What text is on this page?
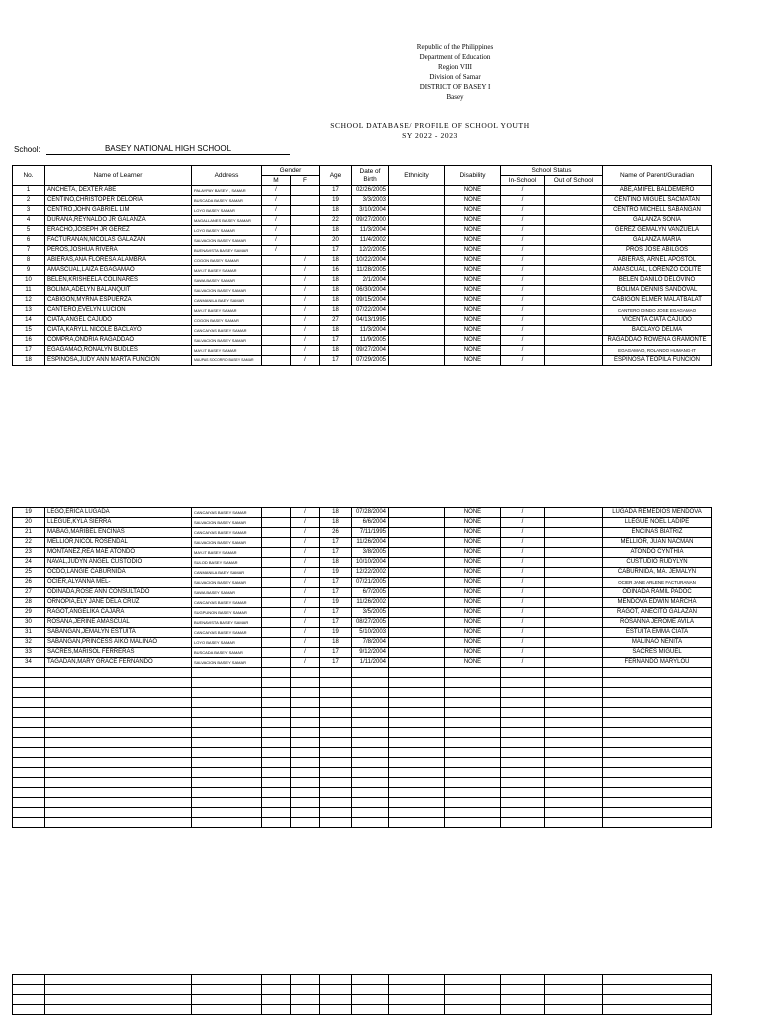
Republic of the Philippines
Department of Education
Region VIII
Division of Samar
DISTRICT OF BASEY I
Basey
SCHOOL DATABASE/ PROFILE OF SCHOOL YOUTH
SY 2022 - 2023
School:	BASEY NATIONAL HIGH SCHOOL
No.	Name of Learner	Address	Gender		Age	Date of Birth	Ethnicity	Disability	School Status		Name of Parent/Guradian
			M	F					In-School	Out of School	
1	ANCHETA, DEXTER ABE	PALAYPAY BASEY , SAMAR	/		17	02/26/2005		NONE	/		ABE,AMIFEL BALDEMERO
2	CENTINO,CHRISTOPER DELORIA	BUSCADA BASEY SAMAR	/		19	3/3/2003		NONE	/		CENTINO MIGUEL SACMATAN
3	CENTRO,JOHN GABRIEL LIM	LOYO BASEY SAMAR	/		18	3/10/2004		NONE	/		CENTRO MICHELL SABANGAN
4	DURANA,REYNALDO JR GALANZA	MAGALLANES BASEY SAMAR	/		22	09/27/2000		NONE	/		GALANZA SONIA
5	ERACHO,JOSEPH JR GEREZ	LOYO BASEY SAMAR	/		18	11/3/2004		NONE	/		GEREZ GEMALYN VANZUELA
6	FACTURANAN,NICOLAS GALAZAN	SALVACION BASEY SAMAR	/		20	11/4/2002		NONE	/		GALANZA MARIA
7	PEROS,JOSHUA RIVERA	BUENAVISTA BASEY SAMAR	/		17	12/2/2005		NONE	/		PROS JOSE ABILGOS
8	ABIERAS,ANA FLORESA ALAMBRA	COGON BASEY SAMAR		/	18	10/22/2004		NONE	/		ABIERAS, ARNEL APOSTOL
9	AMASCUAL,LAIZA EGAGAMAO	MAY-IT BASEY SAMAR		/	16	11/28/2005		NONE	/		AMASCUAL, LORENZO COLITE
10	BELEN,KRISHEELA COLINARES	SAWA BASEY SAMAR		/	18	2/1/2004		NONE	/		BELEN DANILO DELOVINO
11	BOLIMA,ADELYN BALANQUIT	SALVACION BASEY SAMAR		/	18	06/30/2004		NONE	/		BOLIMA DENNIS SANDOVAL
12	CABIGON,MYRNA ESPUERZA	CANMANILA BAEY SAMAR		/	18	09/15/2004		NONE	/		CABIGON ELMER MALATBALAT
13	CANTERO,EVELYN LUCION	MAY-IT BASEY SAMAR		/	18	07/22/2004		NONE	/		CANTERO DINDO JOSE EGAGAMAO
14	CIATA,ANGEL CAJUDO	COGON BASEY SAMAR		/	27	04/13/1995		NONE	/		VICENTA CIATA CAJUDO
15	CIATA,KARYLL NICOLE BACLAYO	CANCAIYAS BASEY SAMAR		/	18	11/3/2004		NONE	/		BACLAYO DELMA
16	COMPRA,ONDRIA RAGADDAO	SALVACION BASEY SAMAR		/	17	11/9/2005		NONE	/		RAGADDAO ROWENA GRAMONTE
17	EGAGAMAO,RONALYN BUDLES	MAY-IT BASEY SAMAR		/	18	09/27/2004		NONE	/		EGAGAMAO, ROLANDO HUMANG-IT
18	ESPINOSA,JUDY ANN MARTA FUNCION	MAUPAS SOCORRO BASEY SAMAR		/	17	07/29/2005		NONE	/		ESPINOSA TEOPILA FUNCION
19	LEGO,ERICA LUGADA	CANCAIYAS BASEY SAMAR		/	18	07/28/2004		NONE	/		LUGADA REMEDIOS MENDOVA
20	LLEGUE,KYLA SIERRA	SALVACION BASEY SAMAR		/	18	6/6/2004		NONE	/		LLEGUE NOEL LADIPE
21	MABAG,MARIBEL ENCINAS	CANCAIYAS BASEY SAMAR		/	26	7/11/1995		NONE	/		ENCINAS BIATRIZ
22	MELLIOR,NICOL ROSENDAL	SALVACION BASEY SAMAR		/	17	11/26/2004		NONE	/		MELLIOR, JUAN NACMAN
23	MONTAÑEZ,REA MAE ATONDO	MAY-IT BASEY SAMAR		/	17	3/8/2005		NONE	/		ATONDO CYNTHIA
24	NAVAL,JUDYN ANGEL CUSTODIO	SULOD BASEY SAMAR		/	18	10/10/2004		NONE	/		CUSTUDIO RUDYLYN
25	OCDO,LANGIE CABURNIDA	CANMANILA BAEY SAMAR		/	19	12/22/2002		NONE	/		CABURNIDA, MA. JEMALYN
26	OCIER,ALYANNA MEL-	SALVACION BASEY SAMAR		/	17	07/21/2005		NONE	/		OCIER JANE ARLENE FACTURANAN
27	ODINADA,ROSE ANN CONSULTADO	SAWA BASEY SAMAR		/	17	6/7/2005		NONE	/		ODINADA RAMIL PADOC
28	ORNOPIA,ELY JANE DELA CRUZ	CANCAIYAS BASEY SAMAR		/	19	11/26/2002		NONE	/		MENDOVA EDWIN MARCHA
29	RAGOT,ANGELIKA CAJARA	SUGPUNON BASEY SAMAR		/	17	3/5/2005		NONE	/		RAGOT, ANECITO GALAZAN
30	ROSANA,JERINE AMASCUAL	BUENAVISTA BASEY SAMAR		/	17	08/27/2005		NONE	/		ROSANNA JEROME AVILA
31	SABANGAN,JEMALYN ESTUITA	CANCAIYAS BASEY SAMAR		/	19	5/10/2003		NONE	/		ESTUITA EMMA CIATA
32	SABANGAN,PRINCESS AIKO MALINAO	LOYO BASEY SAMAR		/	18	7/8/2004		NONE	/		MALINAO NENITA
33	SACRES,MARISOL FERRERAS	BUSCADA BASEY SAMAR		/	17	9/12/2004		NONE	/		SACRES MIGUEL
34	TAGADAN,MARY GRACE FERNANDO	SALVACION BASEY SAMAR		/	17	1/11/2004		NONE	/		FERNANDO MARYLOU
